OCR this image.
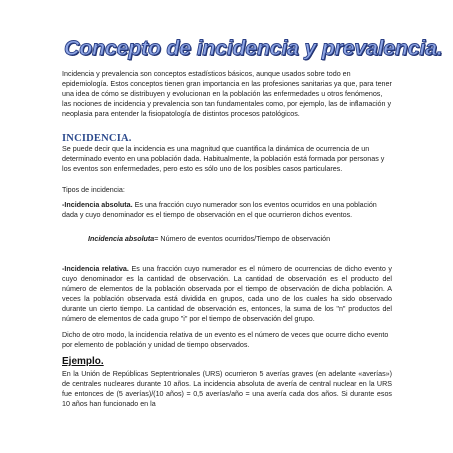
Concepto de incidencia y prevalencia.
Incidencia y prevalencia son conceptos estadísticos básicos, aunque usados sobre todo en epidemiología. Estos conceptos tienen gran importancia en las profesiones sanitarias ya que, para tener una idea de cómo se distribuyen y evolucionan en la población las enfermedades u otros fenómenos, las nociones de incidencia y prevalencia son tan fundamentales como, por ejemplo, las de inflamación y neoplasia para entender la fisiopatología de distintos procesos patológicos.
INCIDENCIA.
Se puede decir que la incidencia es una magnitud que cuantifica la dinámica de ocurrencia de un determinado evento en una población dada. Habitualmente, la población está formada por personas y los eventos son enfermedades, pero esto es sólo uno de los posibles casos particulares.
Tipos de incidencia:
-Incidencia absoluta. Es una fracción cuyo numerador son los eventos ocurridos en una población dada y cuyo denominador es el tiempo de observación en el que ocurrieron dichos eventos.
Incidencia absoluta= Número de eventos ocurridos/Tiempo de observación
-Incidencia relativa. Es una fracción cuyo numerador es el número de ocurrencias de dicho evento y cuyo denominador es la cantidad de observación. La cantidad de observación es el producto del número de elementos de la población observada por el tiempo de observación de dicha población. A veces la población observada está dividida en grupos, cada uno de los cuales ha sido observado durante un cierto tiempo. La cantidad de observación es, entonces, la suma de los "n" productos del número de elementos de cada grupo "i" por el tiempo de observación del grupo.
Dicho de otro modo, la incidencia relativa de un evento es el número de veces que ocurre dicho evento por elemento de población y unidad de tiempo observados.
Ejemplo.
En la Unión de Repúblicas Septentrionales (URS) ocurrieron 5 averías graves (en adelante «averías») de centrales nucleares durante 10 años. La incidencia absoluta de avería de central nuclear en la URS fue entonces de (5 averías)/(10 años) = 0,5 averías/año = una avería cada dos años. Si durante esos 10 años han funcionado en la
